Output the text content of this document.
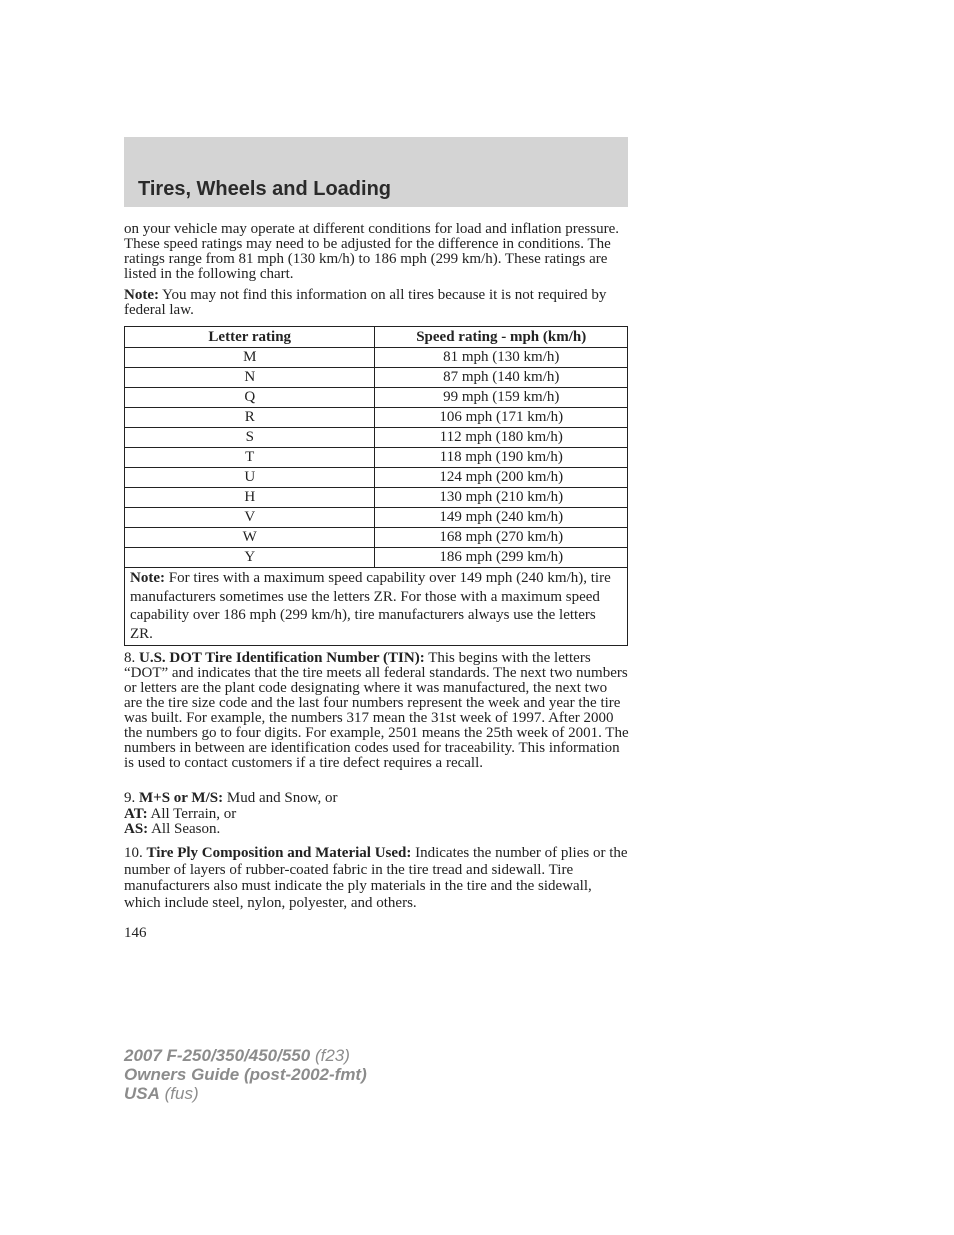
Tires, Wheels and Loading

on your vehicle may operate at different conditions for load and inflation pressure. These speed ratings may need to be adjusted for the difference in conditions. The ratings range from 81 mph (130 km/h) to 186 mph (299 km/h). These ratings are listed in the following chart.

Note: You may not find this information on all tires because it is not required by federal law.

Letter rating	Speed rating - mph (km/h)
M	81 mph (130 km/h)
N	87 mph (140 km/h)
Q	99 mph (159 km/h)
R	106 mph (171 km/h)
S	112 mph (180 km/h)
T	118 mph (190 km/h)
U	124 mph (200 km/h)
H	130 mph (210 km/h)
V	149 mph (240 km/h)
W	168 mph (270 km/h)
Y	186 mph (299 km/h)
Note: For tires with a maximum speed capability over 149 mph (240 km/h), tire manufacturers sometimes use the letters ZR. For those with a maximum speed capability over 186 mph (299 km/h), tire manufacturers always use the letters ZR.	

8. U.S. DOT Tire Identification Number (TIN): This begins with the letters “DOT” and indicates that the tire meets all federal standards. The next two numbers or letters are the plant code designating where it was manufactured, the next two are the tire size code and the last four numbers represent the week and year the tire was built. For example, the numbers 317 mean the 31st week of 1997. After 2000 the numbers go to four digits. For example, 2501 means the 25th week of 2001. The numbers in between are identification codes used for traceability. This information is used to contact customers if a tire defect requires a recall.

9. M+S or M/S: Mud and Snow, or
AT: All Terrain, or
AS: All Season.

10. Tire Ply Composition and Material Used: Indicates the number of plies or the number of layers of rubber-coated fabric in the tire tread and sidewall. Tire manufacturers also must indicate the ply materials in the tire and the sidewall, which include steel, nylon, polyester, and others.

146

2007 F-250/350/450/550 (f23)
Owners Guide (post-2002-fmt)
USA (fus)
